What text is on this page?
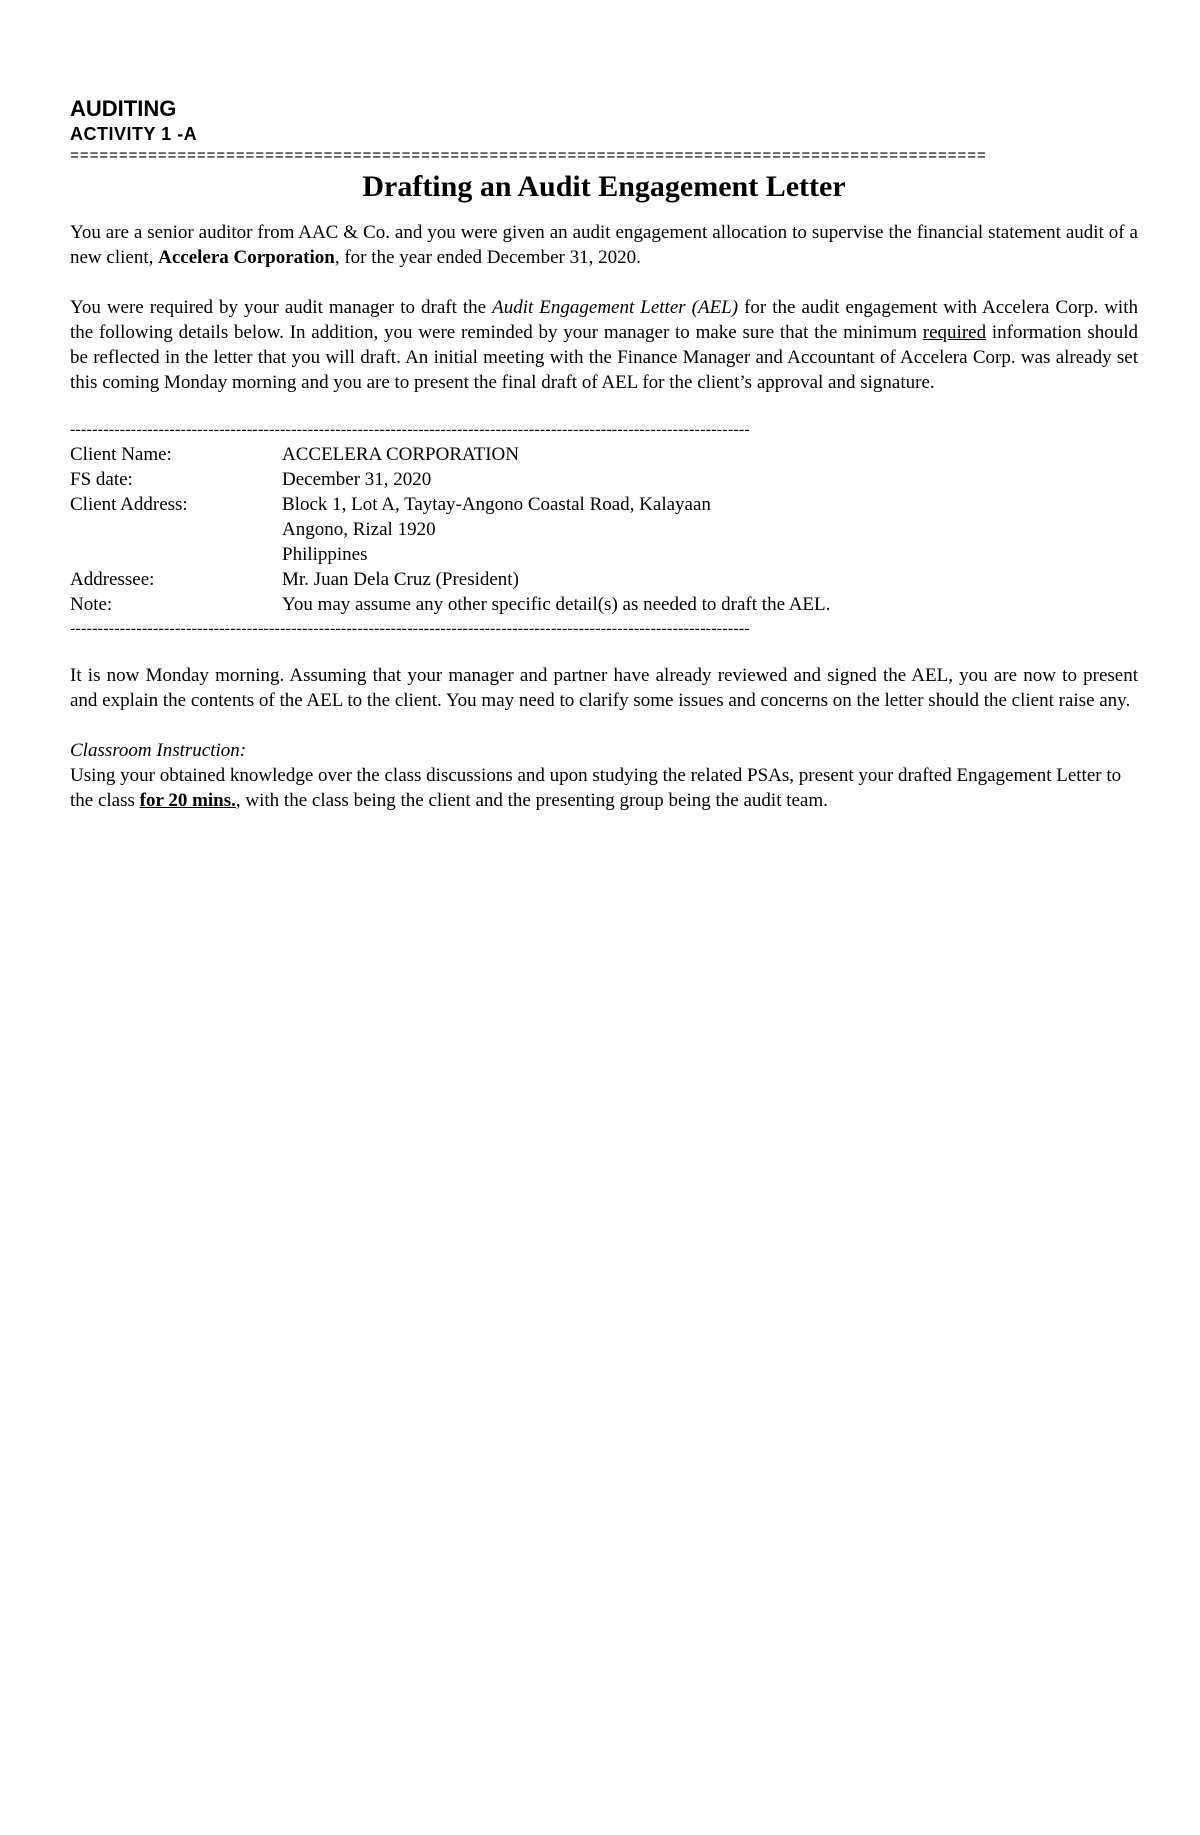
AUDITING
ACTIVITY 1 -A
==============================================================================================
Drafting an Audit Engagement Letter

You are a senior auditor from AAC & Co. and you were given an audit engagement allocation to supervise the financial statement audit of a new client, Accelera Corporation, for the year ended December 31, 2020.

You were required by your audit manager to draft the Audit Engagement Letter (AEL) for the audit engagement with Accelera Corp. with the following details below. In addition, you were reminded by your manager to make sure that the minimum required information should be reflected in the letter that you will draft. An initial meeting with the Finance Manager and Accountant of Accelera Corp. was already set this coming Monday morning and you are to present the final draft of AEL for the client’s approval and signature.

---------------------------------------------------------------------------------------------------------------------------
Client Name:	ACCELERA CORPORATION
FS date:	December 31, 2020
Client Address:	Block 1, Lot A, Taytay-Angono Coastal Road, Kalayaan
Angono, Rizal 1920
Philippines
Addressee:	Mr. Juan Dela Cruz (President)
Note:	You may assume any other specific detail(s) as needed to draft the AEL.
---------------------------------------------------------------------------------------------------------------------------

It is now Monday morning. Assuming that your manager and partner have already reviewed and signed the AEL, you are now to present and explain the contents of the AEL to the client. You may need to clarify some issues and concerns on the letter should the client raise any.

Classroom Instruction:

Using your obtained knowledge over the class discussions and upon studying the related PSAs, present your drafted Engagement Letter to the class for 20 mins., with the class being the client and the presenting group being the audit team.
